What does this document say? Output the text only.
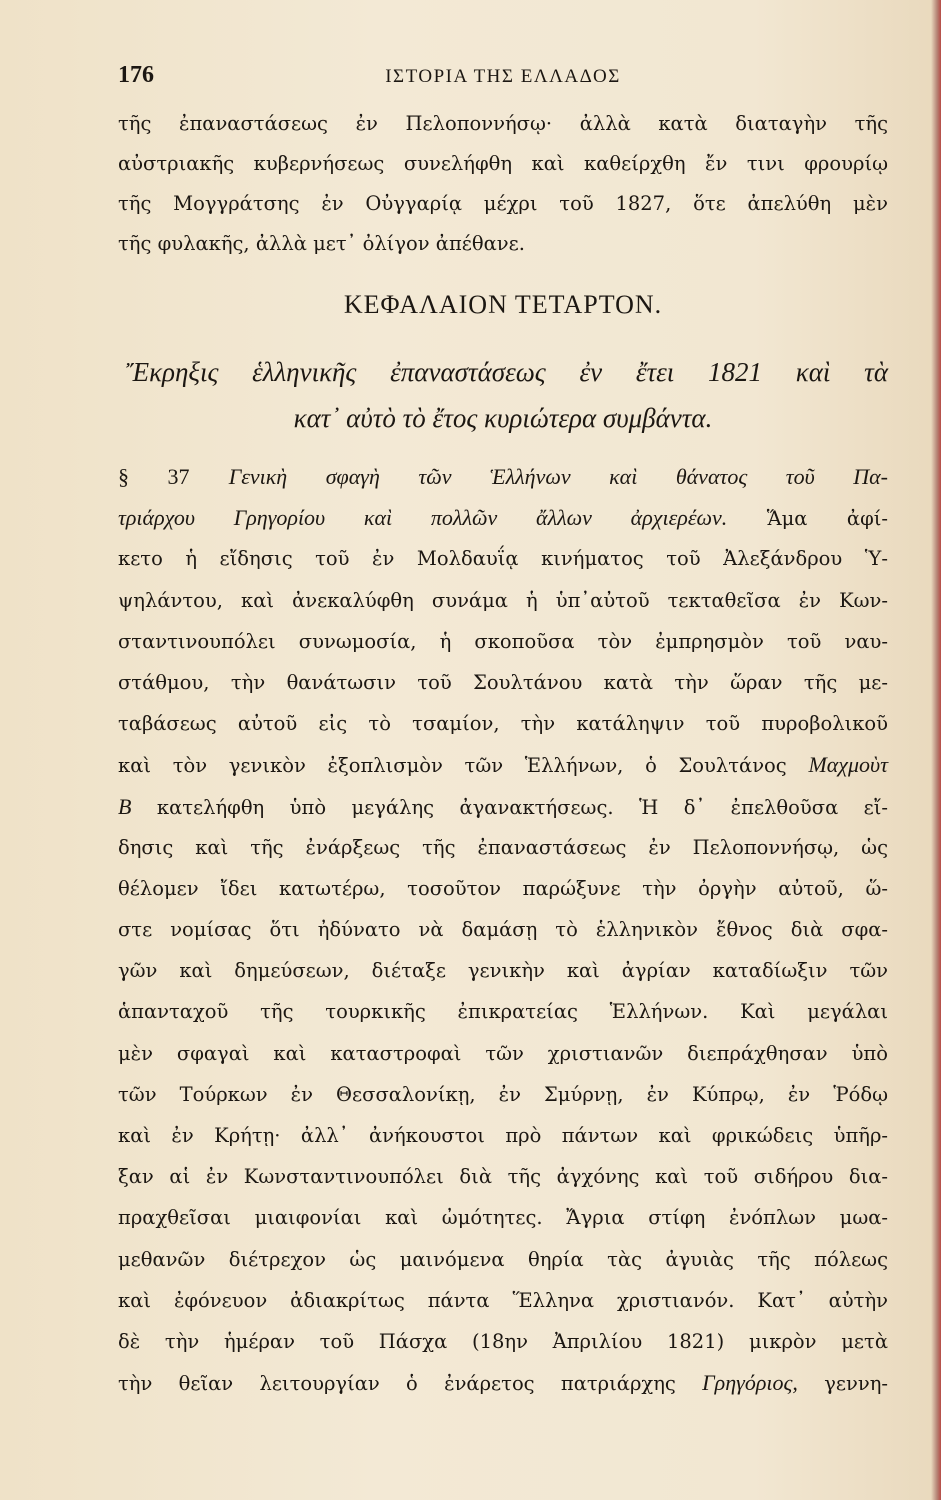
176	ΙΣΤΟΡΙΑ ΤΗΣ ΕΛΛΑΔΟΣ
τῆς ἐπαναστάσεως ἐν Πελοποννήσῳ· ἀλλὰ κατὰ διαταγὴν τῆς
αὐστριακῆς κυβερνήσεως συνελήφθη καὶ καθείρχθη ἔν τινι φρουρίῳ
τῆς Μογγράτσης ἐν Οὐγγαρίᾳ μέχρι τοῦ 1827, ὅτε ἀπελύθη μὲν
τῆς φυλακῆς, ἀλλὰ μετ᾽ ὀλίγον ἀπέθανε.
ΚΕΦΑΛΑΙΟΝ ΤΕΤΑΡΤΟΝ.
Ἔκρηξις ἑλληνικῆς ἐπαναστάσεως ἐν ἔτει 1821 καὶ τὰ
κατ᾽ αὐτὸ τὸ ἔτος κυριώτερα συμβάντα.
§ 37 Γενικὴ σφαγὴ τῶν Ἑλλήνων καὶ θάνατος τοῦ Πα-
τριάρχου Γρηγορίου καὶ πολλῶν ἄλλων ἀρχιερέων. Ἅμα ἀφί-
κετο ἡ εἴδησις τοῦ ἐν Μολδαυΐᾳ κινήματος τοῦ Ἀλεξάνδρου Ὑ-
ψηλάντου, καὶ ἀνεκαλύφθη συνάμα ἡ ὑπ᾽αὐτοῦ τεκταθεῖσα ἐν Κων-
σταντινουπόλει συνωμοσία, ἡ σκοποῦσα τὸν ἐμπρησμὸν τοῦ ναυ-
στάθμου, τὴν θανάτωσιν τοῦ Σουλτάνου κατὰ τὴν ὥραν τῆς με-
ταβάσεως αὐτοῦ εἰς τὸ τσαμίον, τὴν κατάληψιν τοῦ πυροβολικοῦ
καὶ τὸν γενικὸν ἐξοπλισμὸν τῶν Ἑλλήνων, ὁ Σουλτάνος Μαχμοὺτ
Β κατελήφθη ὑπὸ μεγάλης ἀγανακτήσεως. Ἡ δ᾽ ἐπελθοῦσα εἴ-
δησις καὶ τῆς ἐνάρξεως τῆς ἐπαναστάσεως ἐν Πελοποννήσῳ, ὡς
θέλομεν ἴδει κατωτέρω, τοσοῦτον παρώξυνε τὴν ὀργὴν αὐτοῦ, ὥ-
στε νομίσας ὅτι ἠδύνατο νὰ δαμάσῃ τὸ ἑλληνικὸν ἔθνος διὰ σφα-
γῶν καὶ δημεύσεων, διέταξε γενικὴν καὶ ἀγρίαν καταδίωξιν τῶν
ἁπανταχοῦ τῆς τουρκικῆς ἐπικρατείας Ἑλλήνων. Καὶ μεγάλαι
μὲν σφαγαὶ καὶ καταστροφαὶ τῶν χριστιανῶν διεπράχθησαν ὑπὸ
τῶν Τούρκων ἐν Θεσσαλονίκῃ, ἐν Σμύρνῃ, ἐν Κύπρῳ, ἐν Ῥόδῳ
καὶ ἐν Κρήτῃ· ἀλλ᾽ ἀνήκουστοι πρὸ πάντων καὶ φρικώδεις ὑπῆρ-
ξαν αἱ ἐν Κωνσταντινουπόλει διὰ τῆς ἀγχόνης καὶ τοῦ σιδήρου δια-
πραχθεῖσαι μιαιφονίαι καὶ ὠμότητες. Ἄγρια στίφη ἐνόπλων μωα-
μεθανῶν διέτρεχον ὡς μαινόμενα θηρία τὰς ἀγυιὰς τῆς πόλεως
καὶ ἐφόνευον ἀδιακρίτως πάντα Ἕλληνα χριστιανόν. Κατ᾽ αὐτὴν
δὲ τὴν ἡμέραν τοῦ Πάσχα (18ην Ἀπριλίου 1821) μικρὸν μετὰ
τὴν θεῖαν λειτουργίαν ὁ ἐνάρετος πατριάρχης Γρηγόριος, γεννη-
